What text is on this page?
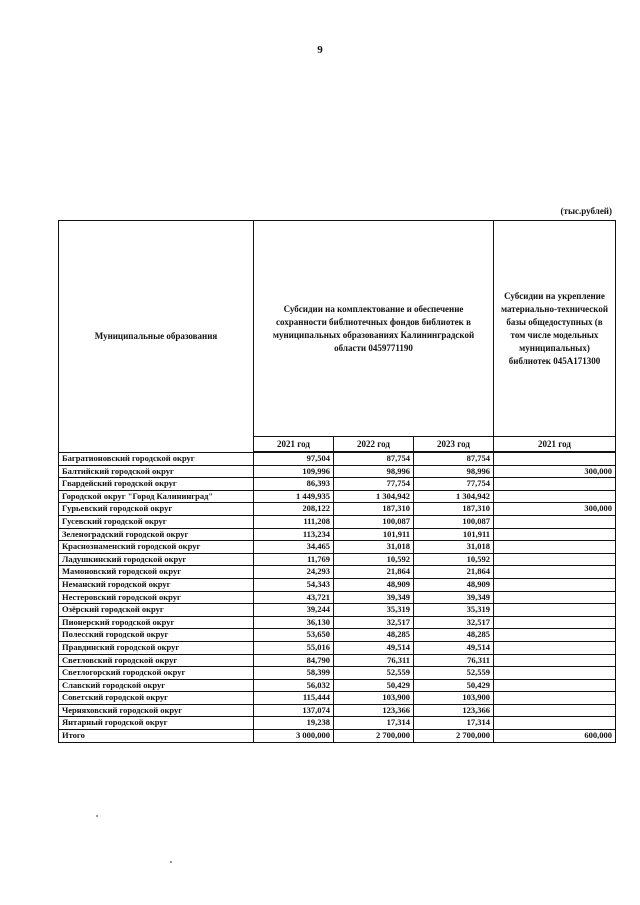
9
(тыс.рублей)
Муниципальные образования	Субсидии на комплектование и обеспечение сохранности библиотечных фондов библиотек в муниципальных образованиях Калининградской области 0459771190			Субсидии на укрепление материально-технической базы общедоступных (в том числе модельных муниципальных) библиотек 045A171300
	2021 год	2022 год	2023 год	2021 год
Багратионовский городской округ	97,504	87,754	87,754	
Балтийский городской округ	109,996	98,996	98,996	300,000
Гвардейский городской округ	86,393	77,754	77,754	
Городской округ "Город Калининград"	1 449,935	1 304,942	1 304,942	
Гурьевский городской округ	208,122	187,310	187,310	300,000
Гусевский городской округ	111,208	100,087	100,087	
Зеленоградский городской округ	113,234	101,911	101,911	
Краснознаменский городской округ	34,465	31,018	31,018	
Ладушкинский городской округ	11,769	10,592	10,592	
Мамоновский городской округ	24,293	21,864	21,864	
Неманский городской округ	54,343	48,909	48,909	
Нестеровский городской округ	43,721	39,349	39,349	
Озёрский городской округ	39,244	35,319	35,319	
Пионерский городской округ	36,130	32,517	32,517	
Полесский городской округ	53,650	48,285	48,285	
Правдинский городской округ	55,016	49,514	49,514	
Светловский городской округ	84,790	76,311	76,311	
Светлогорский городской округ	58,399	52,559	52,559	
Славский городской округ	56,032	50,429	50,429	
Советский городской округ	115,444	103,900	103,900	
Черняховский городской округ	137,074	123,366	123,366	
Янтарный городской округ	19,238	17,314	17,314	
Итого	3 000,000	2 700,000	2 700,000	600,000
